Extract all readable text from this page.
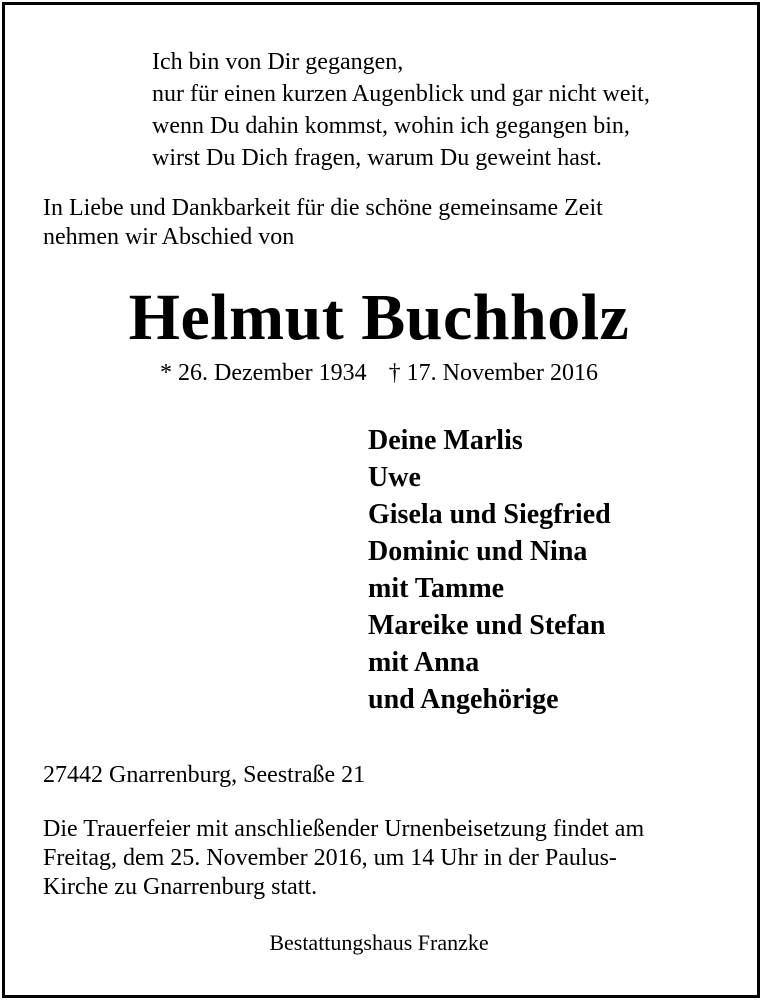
Ich bin von Dir gegangen,
nur für einen kurzen Augenblick und gar nicht weit,
wenn Du dahin kommst, wohin ich gegangen bin,
wirst Du Dich fragen, warum Du geweint hast.
In Liebe und Dankbarkeit für die schöne gemeinsame Zeit
nehmen wir Abschied von
Helmut Buchholz
* 26. Dezember 1934 † 17. November 2016
Deine Marlis
Uwe
Gisela und Siegfried
Dominic und Nina
mit Tamme
Mareike und Stefan
mit Anna
und Angehörige
27442 Gnarrenburg, Seestraße 21
Die Trauerfeier mit anschließender Urnenbeisetzung findet am
Freitag, dem 25. November 2016, um 14 Uhr in der Paulus-
Kirche zu Gnarrenburg statt.
Bestattungshaus Franzke
